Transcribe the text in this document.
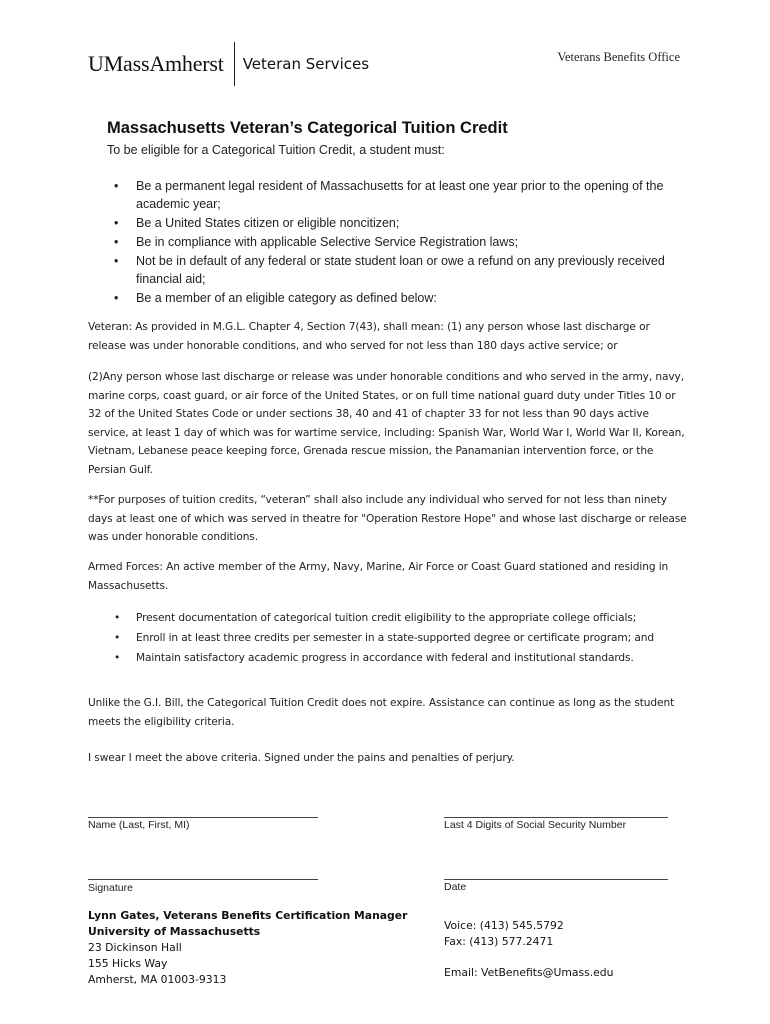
UMassAmherst Veteran Services	Veterans Benefits Office
Massachusetts Veteran’s Categorical Tuition Credit
To be eligible for a Categorical Tuition Credit, a student must:
• Be a permanent legal resident of Massachusetts for at least one year prior to the opening of the academic year;
• Be a United States citizen or eligible noncitizen;
• Be in compliance with applicable Selective Service Registration laws;
• Not be in default of any federal or state student loan or owe a refund on any previously received financial aid;
• Be a member of an eligible category as defined below:
Veteran: As provided in M.G.L. Chapter 4, Section 7(43), shall mean: (1) any person whose last discharge or release was under honorable conditions, and who served for not less than 180 days active service; or
(2)Any person whose last discharge or release was under honorable conditions and who served in the army, navy, marine corps, coast guard, or air force of the United States, or on full time national guard duty under Titles 10 or 32 of the United States Code or under sections 38, 40 and 41 of chapter 33 for not less than 90 days active service, at least 1 day of which was for wartime service, including: Spanish War, World War I, World War II, Korean, Vietnam, Lebanese peace keeping force, Grenada rescue mission, the Panamanian intervention force, or the Persian Gulf.
**For purposes of tuition credits, “veteran” shall also include any individual who served for not less than ninety days at least one of which was served in theatre for "Operation Restore Hope" and whose last discharge or release was under honorable conditions.
Armed Forces: An active member of the Army, Navy, Marine, Air Force or Coast Guard stationed and residing in Massachusetts.
• Present documentation of categorical tuition credit eligibility to the appropriate college officials;
• Enroll in at least three credits per semester in a state-supported degree or certificate program; and
• Maintain satisfactory academic progress in accordance with federal and institutional standards.
Unlike the G.I. Bill, the Categorical Tuition Credit does not expire. Assistance can continue as long as the student meets the eligibility criteria.
I swear I meet the above criteria. Signed under the pains and penalties of perjury.
Name (Last, First, MI)	Last 4 Digits of Social Security Number
Signature	Date
Lynn Gates, Veterans Benefits Certification Manager
University of Massachusetts
23 Dickinson Hall
155 Hicks Way
Amherst, MA 01003-9313
Voice: (413) 545.5792
Fax: (413) 577.2471
Email: VetBenefits@Umass.edu
